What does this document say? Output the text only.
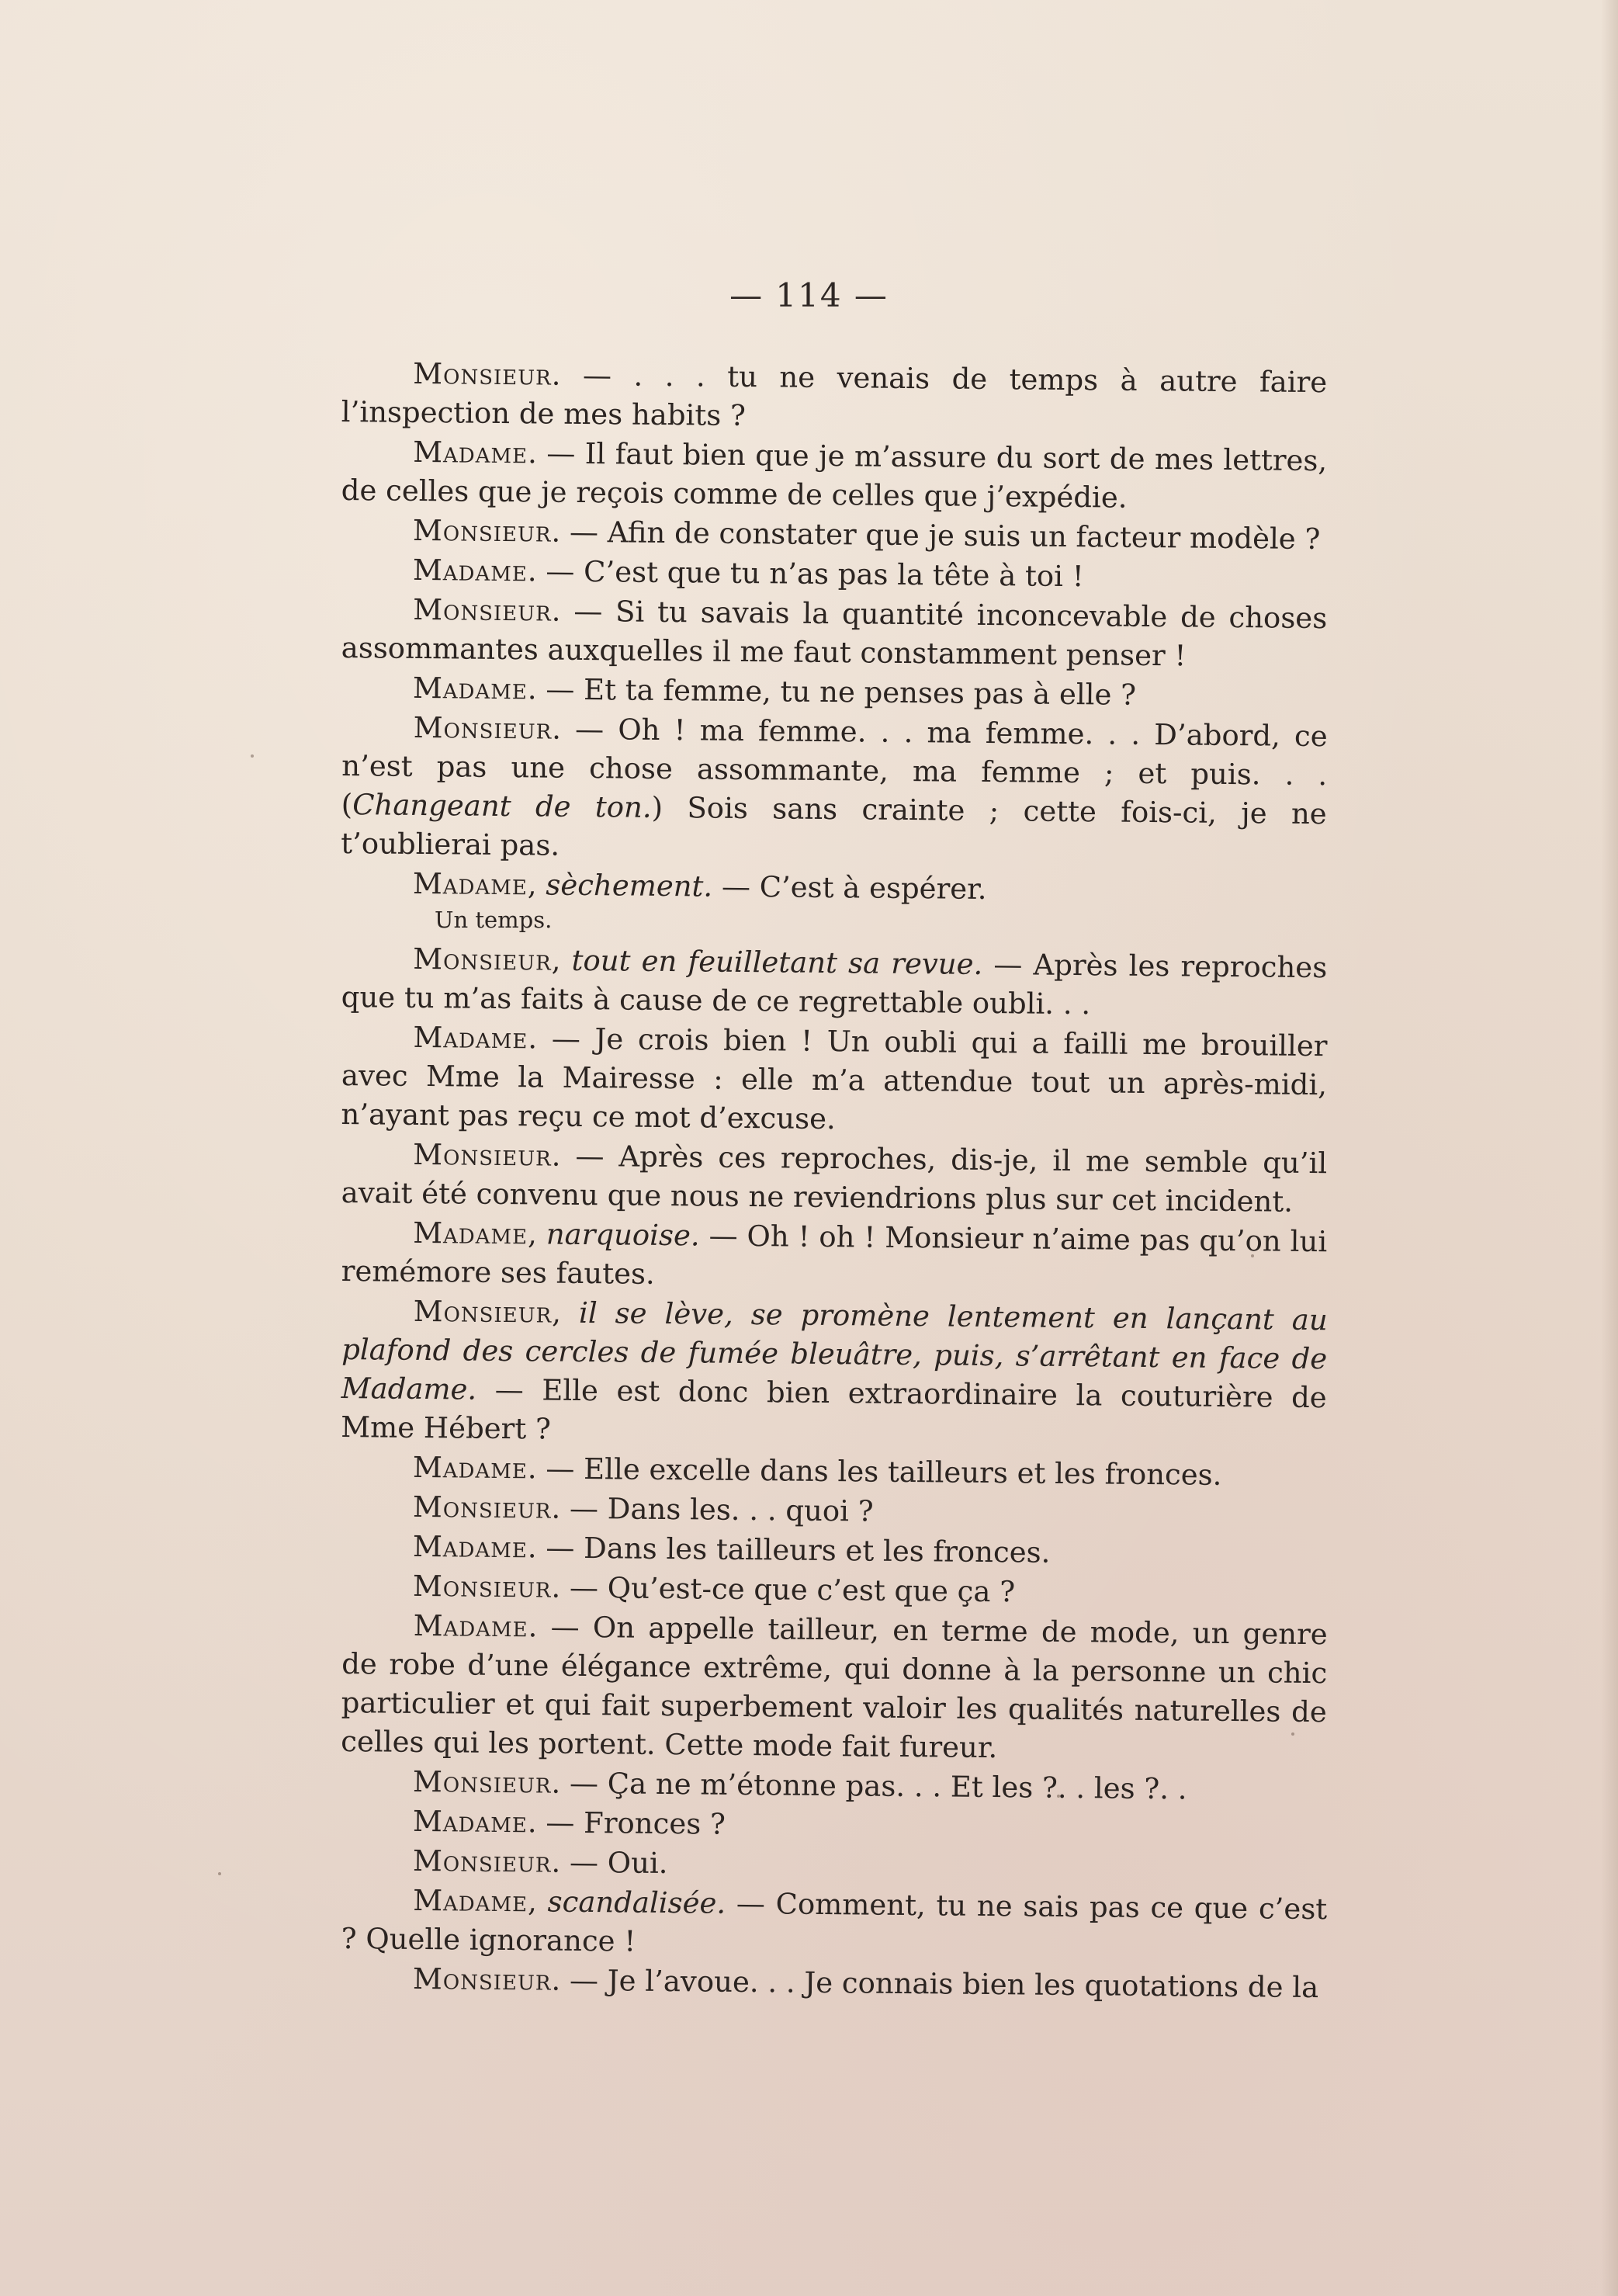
— 114 —

Monsieur. — . . . tu ne venais de temps à autre faire l’inspection de mes habits ?

Madame. — Il faut bien que je m’assure du sort de mes lettres, de celles que je reçois comme de celles que j’expédie.

Monsieur. — Afin de constater que je suis un facteur modèle ?

Madame. — C’est que tu n’as pas la tête à toi !

Monsieur. — Si tu savais la quantité inconcevable de choses assommantes auxquelles il me faut constamment penser !

Madame. — Et ta femme, tu ne penses pas à elle ?

Monsieur. — Oh ! ma femme. . . ma femme. . . D’abord, ce n’est pas une chose assommante, ma femme ; et puis. . . (Changeant de ton.) Sois sans crainte ; cette fois-ci, je ne t’oublierai pas.

Madame, sèchement. — C’est à espérer.

Un temps.

Monsieur, tout en feuilletant sa revue. — Après les reproches que tu m’as faits à cause de ce regrettable oubli. . .

Madame. — Je crois bien ! Un oubli qui a failli me brouiller avec Mme la Mairesse : elle m’a attendue tout un après-midi, n’ayant pas reçu ce mot d’excuse.

Monsieur. — Après ces reproches, dis-je, il me semble qu’il avait été convenu que nous ne reviendrions plus sur cet incident.

Madame, narquoise. — Oh ! oh ! Monsieur n’aime pas qu’on lui remémore ses fautes.

Monsieur, il se lève, se promène lentement en lançant au plafond des cercles de fumée bleuâtre, puis, s’arrêtant en face de Madame. — Elle est donc bien extraordinaire la couturière de Mme Hébert ?

Madame. — Elle excelle dans les tailleurs et les fronces.

Monsieur. — Dans les. . . quoi ?

Madame. — Dans les tailleurs et les fronces.

Monsieur. — Qu’est-ce que c’est que ça ?

Madame. — On appelle tailleur, en terme de mode, un genre de robe d’une élégance extrême, qui donne à la personne un chic particulier et qui fait superbement valoir les qualités naturelles de celles qui les portent. Cette mode fait fureur.

Monsieur. — Ça ne m’étonne pas. . . Et les ?. . les ?. .

Madame. — Fronces ?

Monsieur. — Oui.

Madame, scandalisée. — Comment, tu ne sais pas ce que c’est ? Quelle ignorance !

Monsieur. — Je l’avoue. . . Je connais bien les quotations de la
